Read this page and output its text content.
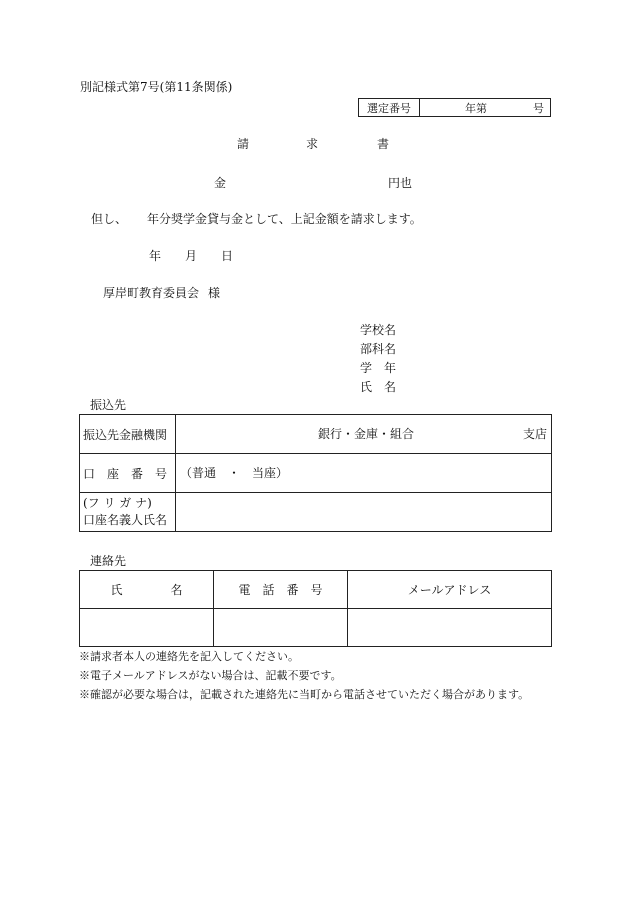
別記様式第7号(第11条関係)
選定番号	年第	号
請	求	書
金	円也
但し、 年分奨学金貸与金として、上記金額を請求します。
年 月 日
厚岸町教育委員会 様
学校名
部科名
学　年
氏　名
振込先
振込先金融機関	銀行・金庫・組合 支店

口　座　番　号	（普通　・　当座）

(フ リ ガ ナ)
口座名義人氏名	

連絡先
氏　　　　名	電　話　番　号	メールアドレス

※請求者本人の連絡先を記入してください。
※電子メールアドレスがない場合は、記載不要です。
※確認が必要な場合は，記載された連絡先に当町から電話させていただく場合があります。
